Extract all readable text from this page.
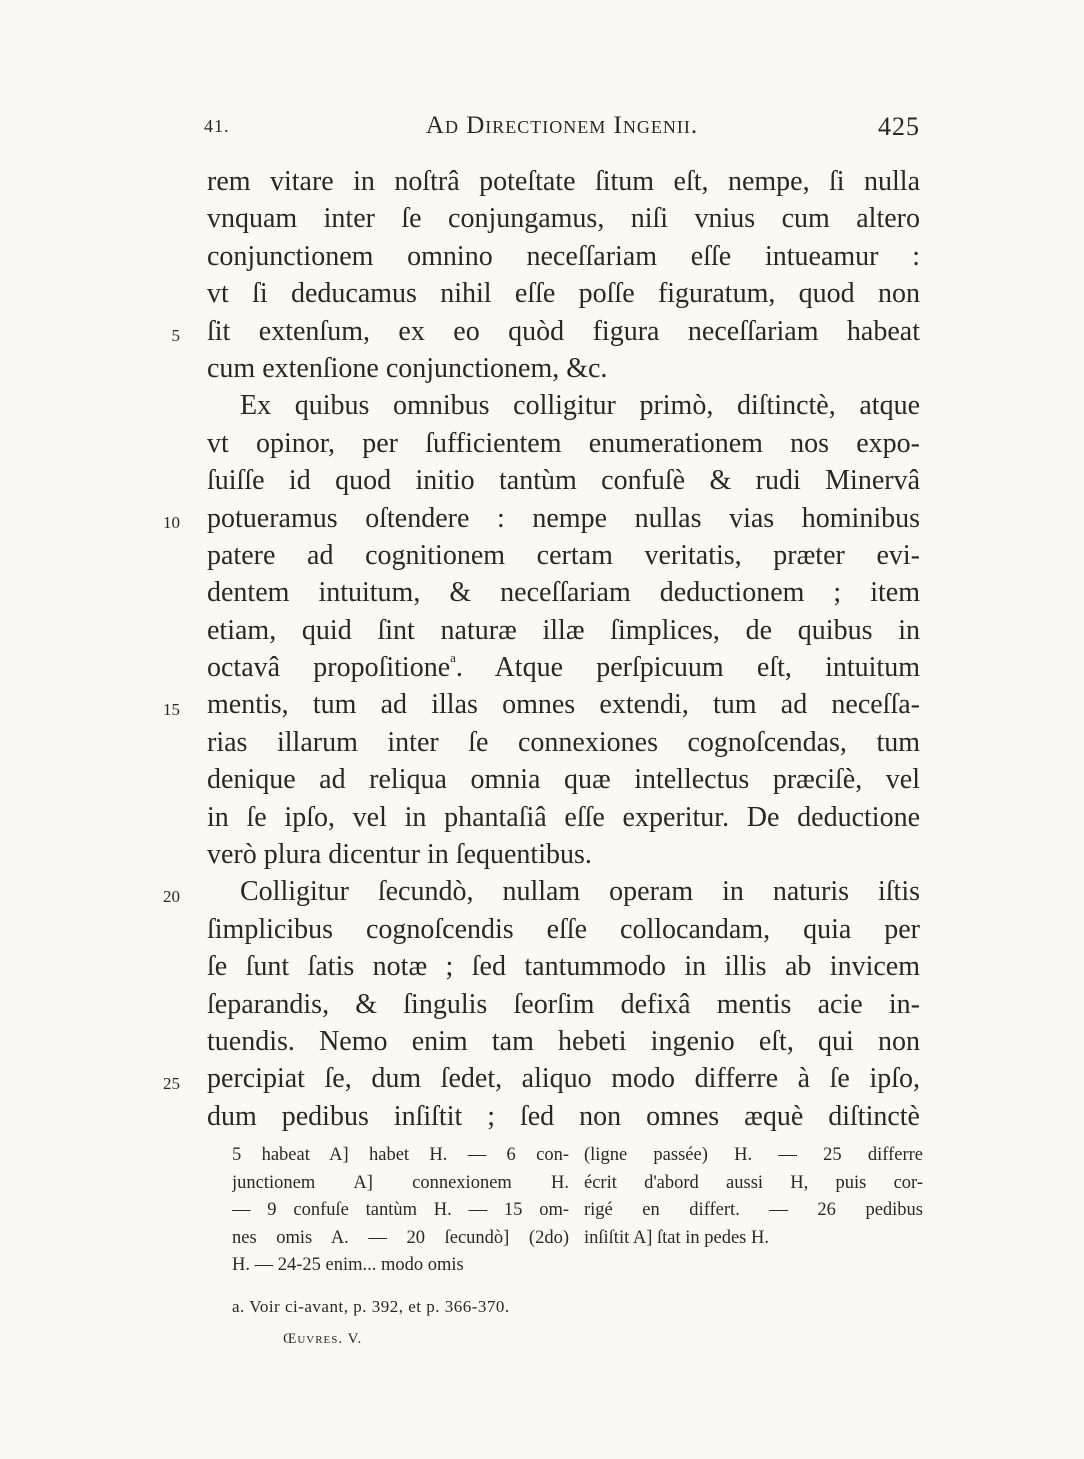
41.	Ad Directionem Ingenii.	425
5
10
15
20
25
rem vitare in noſtrâ poteſtate ſitum eſt, nempe, ſi nulla
vnquam inter ſe conjungamus, niſi vnius cum altero
conjunctionem omnino neceſſariam eſſe intueamur :
vt ſi deducamus nihil eſſe poſſe figuratum, quod non
ſit extenſum, ex eo quòd figura neceſſariam habeat
cum extenſione conjunctionem, &c.
Ex quibus omnibus colligitur primò, diſtinctè, atque
vt opinor, per ſufficientem enumerationem nos expo-
ſuiſſe id quod initio tantùm confuſè & rudi Minervâ
potueramus oſtendere : nempe nullas vias hominibus
patere ad cognitionem certam veritatis, præter evi-
dentem intuitum, & neceſſariam deductionem ; item
etiam, quid ſint naturæ illæ ſimplices, de quibus in
octavâ propoſitione$^a$. Atque perſpicuum eſt, intuitum
mentis, tum ad illas omnes extendi, tum ad neceſſa-
rias illarum inter ſe connexiones cognoſcendas, tum
denique ad reliqua omnia quæ intellectus præciſè, vel
in ſe ipſo, vel in phantaſiâ eſſe experitur. De deductione
verò plura dicentur in ſequentibus.
Colligitur ſecundò, nullam operam in naturis iſtis
ſimplicibus cognoſcendis eſſe collocandam, quia per
ſe ſunt ſatis notæ ; ſed tantummodo in illis ab invicem
ſeparandis, & ſingulis ſeorſim defixâ mentis acie in-
tuendis. Nemo enim tam hebeti ingenio eſt, qui non
percipiat ſe, dum ſedet, aliquo modo differre à ſe ipſo,
dum pedibus inſiſtit ; ſed non omnes æquè diſtinctè
5 habeat A] habet H. — 6 con-
junctionem A] connexionem H.
— 9 confuſe tantùm H. — 15 om-
nes omis A. — 20 ſecundò] (2do)
H. — 24-25 enim... modo omis
(ligne passée) H. — 25 differre
écrit d'abord aussi H, puis cor-
rigé en differt. — 26 pedibus
inſiſtit A] ſtat in pedes H.
a. Voir ci-avant, p. 392, et p. 366-370.
Œuvres. V.
